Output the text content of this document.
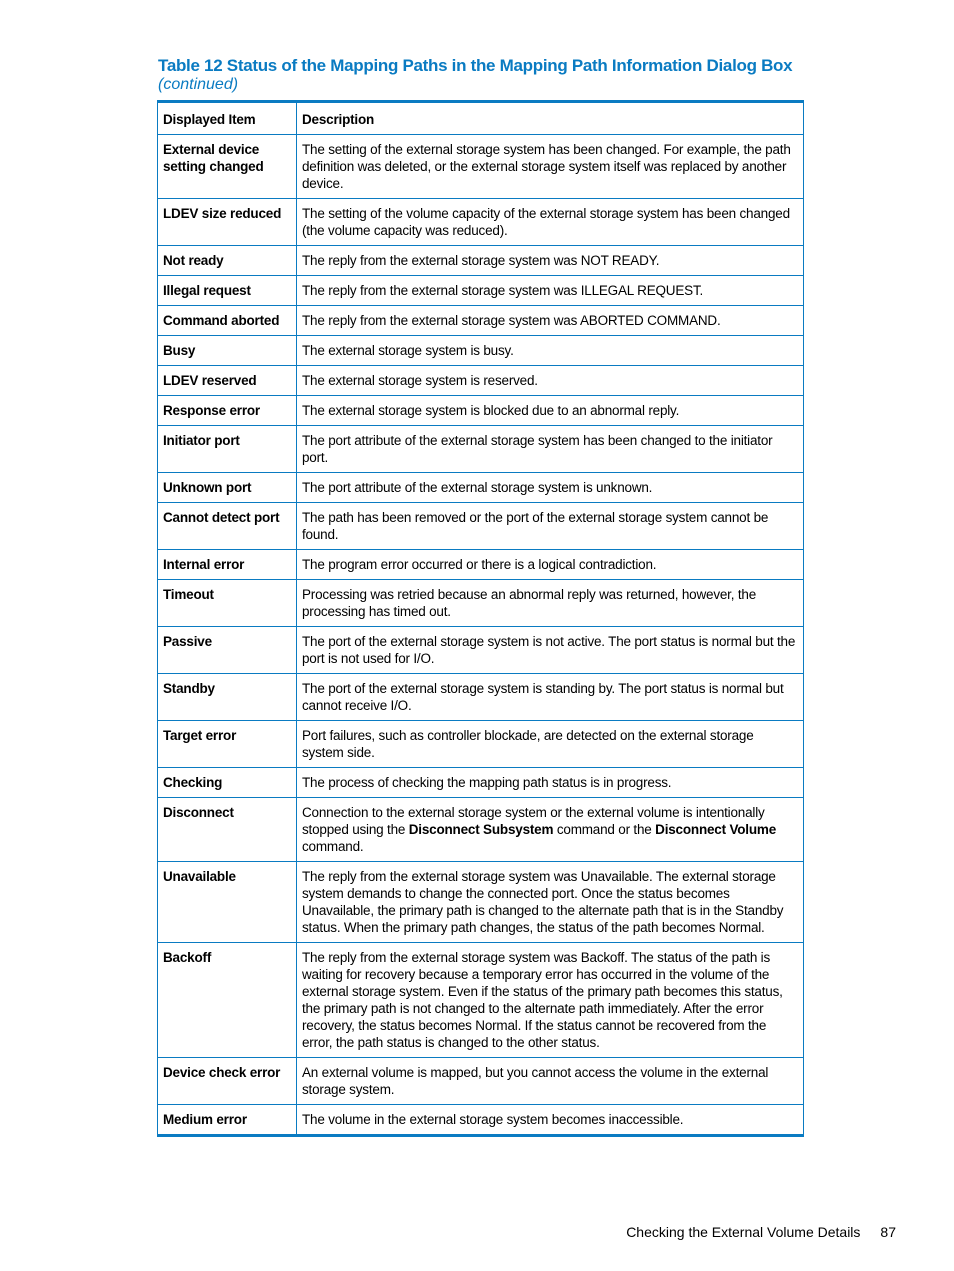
Table 12 Status of the Mapping Paths in the Mapping Path Information Dialog Box
(continued)
Displayed Item	Description
External device setting changed	The setting of the external storage system has been changed. For example, the path definition was deleted, or the external storage system itself was replaced by another device.
LDEV size reduced	The setting of the volume capacity of the external storage system has been changed (the volume capacity was reduced).
Not ready	The reply from the external storage system was NOT READY.
Illegal request	The reply from the external storage system was ILLEGAL REQUEST.
Command aborted	The reply from the external storage system was ABORTED COMMAND.
Busy	The external storage system is busy.
LDEV reserved	The external storage system is reserved.
Response error	The external storage system is blocked due to an abnormal reply.
Initiator port	The port attribute of the external storage system has been changed to the initiator port.
Unknown port	The port attribute of the external storage system is unknown.
Cannot detect port	The path has been removed or the port of the external storage system cannot be found.
Internal error	The program error occurred or there is a logical contradiction.
Timeout	Processing was retried because an abnormal reply was returned, however, the processing has timed out.
Passive	The port of the external storage system is not active. The port status is normal but the port is not used for I/O.
Standby	The port of the external storage system is standing by. The port status is normal but cannot receive I/O.
Target error	Port failures, such as controller blockade, are detected on the external storage system side.
Checking	The process of checking the mapping path status is in progress.
Disconnect	Connection to the external storage system or the external volume is intentionally stopped using the Disconnect Subsystem command or the Disconnect Volume command.
Unavailable	The reply from the external storage system was Unavailable. The external storage system demands to change the connected port. Once the status becomes Unavailable, the primary path is changed to the alternate path that is in the Standby status. When the primary path changes, the status of the path becomes Normal.
Backoff	The reply from the external storage system was Backoff. The status of the path is waiting for recovery because a temporary error has occurred in the volume of the external storage system. Even if the status of the primary path becomes this status, the primary path is not changed to the alternate path immediately. After the error recovery, the status becomes Normal. If the status cannot be recovered from the error, the path status is changed to the other status.
Device check error	An external volume is mapped, but you cannot access the volume in the external storage system.
Medium error	The volume in the external storage system becomes inaccessible.
Checking the External Volume Details 87
